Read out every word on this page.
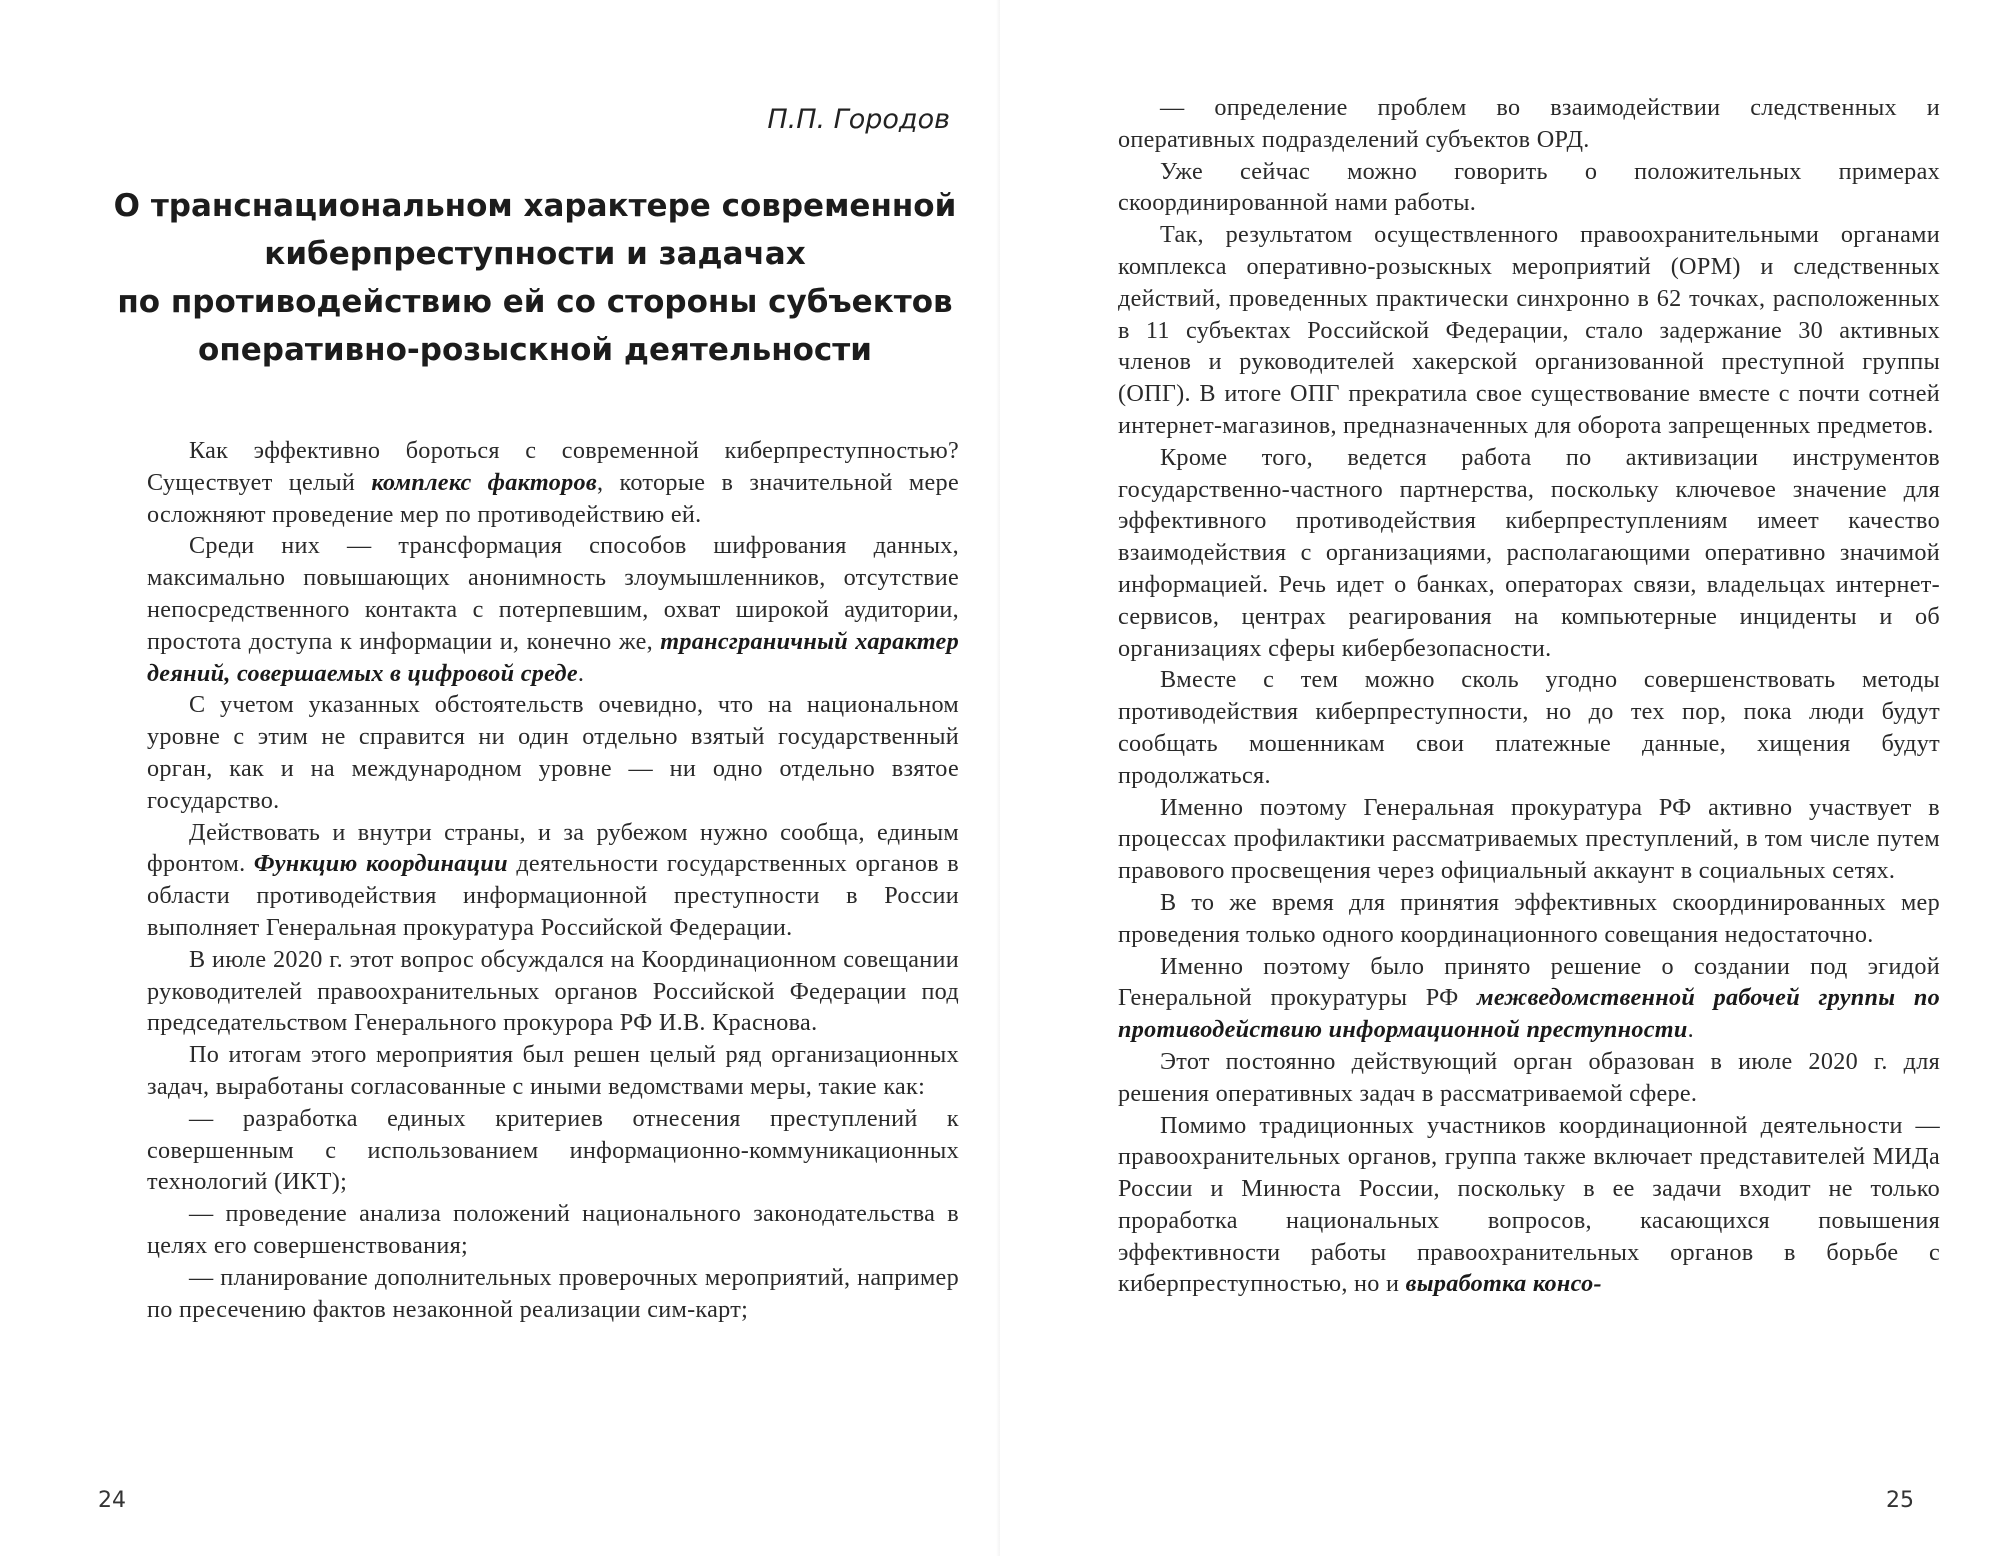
П.П. Городов
О транснациональном характере современной
киберпреступности и задачах
по противодействию ей со стороны субъектов
оперативно-розыскной деятельности

Как эффективно бороться с современной киберпреступностью? Существует целый комплекс факторов, которые в значительной мере осложняют проведение мер по противодействию ей.

Среди них — трансформация способов шифрования данных, максимально повышающих анонимность злоумышленников, отсутствие непосредственного контакта с потерпевшим, охват широкой аудитории, простота доступа к информации и, конечно же, трансграничный характер деяний, совершаемых в цифровой среде.

С учетом указанных обстоятельств очевидно, что на национальном уровне с этим не справится ни один отдельно взятый государственный орган, как и на международном уровне — ни одно отдельно взятое государство.

Действовать и внутри страны, и за рубежом нужно сообща, единым фронтом. Функцию координации деятельности государственных органов в области противодействия информационной преступности в России выполняет Генеральная прокуратура Российской Федерации.

В июле 2020 г. этот вопрос обсуждался на Координационном совещании руководителей правоохранительных органов Российской Федерации под председательством Генерального прокурора РФ И.В. Краснова.

По итогам этого мероприятия был решен целый ряд организационных задач, выработаны согласованные с иными ведомствами меры, такие как:

— разработка единых критериев отнесения преступлений к совершенным с использованием информационно-коммуникационных технологий (ИКТ);

— проведение анализа положений национального законодательства в целях его совершенствования;

— планирование дополнительных проверочных мероприятий, например по пресечению фактов незаконной реализации сим-карт;

24

— определение проблем во взаимодействии следственных и оперативных подразделений субъектов ОРД.

Уже сейчас можно говорить о положительных примерах скоординированной нами работы.

Так, результатом осуществленного правоохранительными органами комплекса оперативно-розыскных мероприятий (ОРМ) и следственных действий, проведенных практически синхронно в 62 точках, расположенных в 11 субъектах Российской Федерации, стало задержание 30 активных членов и руководителей хакерской организованной преступной группы (ОПГ). В итоге ОПГ прекратила свое существование вместе с почти сотней интернет-магазинов, предназначенных для оборота запрещенных предметов.

Кроме того, ведется работа по активизации инструментов государственно-частного партнерства, поскольку ключевое значение для эффективного противодействия киберпреступлениям имеет качество взаимодействия с организациями, располагающими оперативно значимой информацией. Речь идет о банках, операторах связи, владельцах интернет-сервисов, центрах реагирования на компьютерные инциденты и об организациях сферы кибербезопасности.

Вместе с тем можно сколь угодно совершенствовать методы противодействия киберпреступности, но до тех пор, пока люди будут сообщать мошенникам свои платежные данные, хищения будут продолжаться.

Именно поэтому Генеральная прокуратура РФ активно участвует в процессах профилактики рассматриваемых преступлений, в том числе путем правового просвещения через официальный аккаунт в социальных сетях.

В то же время для принятия эффективных скоординированных мер проведения только одного координационного совещания недостаточно.

Именно поэтому было принято решение о создании под эгидой Генеральной прокуратуры РФ межведомственной рабочей группы по противодействию информационной преступности.

Этот постоянно действующий орган образован в июле 2020 г. для решения оперативных задач в рассматриваемой сфере.

Помимо традиционных участников координационной деятельности — правоохранительных органов, группа также включает представителей МИДа России и Минюста России, поскольку в ее задачи входит не только проработка национальных вопросов, касающихся повышения эффективности работы правоохранительных органов в борьбе с киберпреступностью, но и выработка консо-

25
